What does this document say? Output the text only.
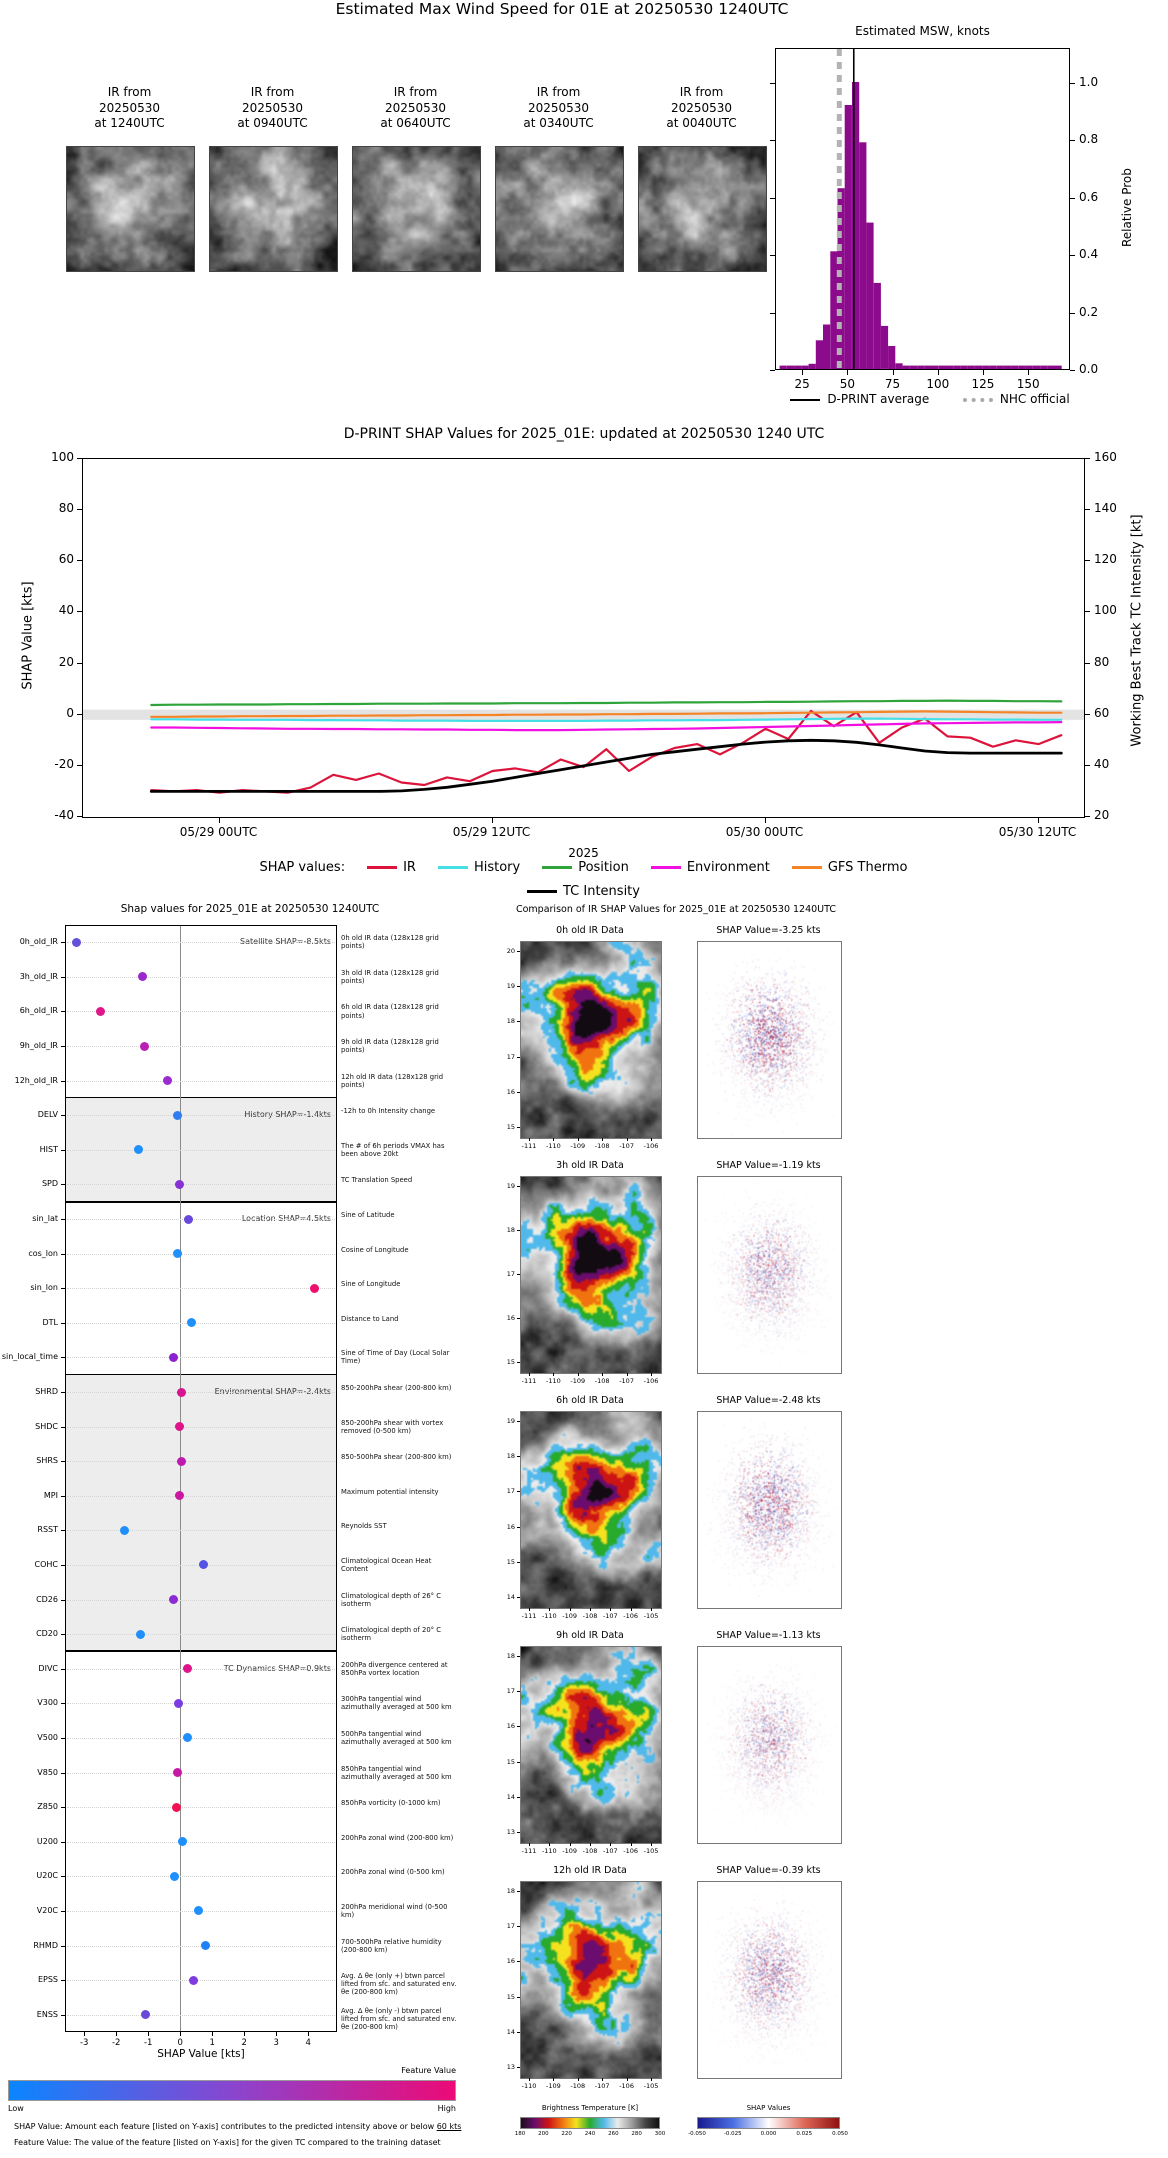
Estimated Max Wind Speed for 01E at 20250530 1240UTC
Estimated MSW, knots
25	50	75	100	125	150
0.0
0.2
0.4
0.6
0.8
1.0
Relative Prob
D-PRINT average	NHC official
D-PRINT SHAP Values for 2025_01E: updated at 20250530 1240 UTC
-40
-20
0
20
40
60
80
100
20
40
60
80
100
120
140
160
05/29 00UTC	05/29 12UTC	05/30 00UTC	05/30 12UTC
SHAP Value [kts]	Working Best Track TC Intensity [kt]
2025
SHAP values:	IR	History	Position	Environment	GFS Thermo
TC Intensity
Shap values for 2025_01E at 20250530 1240UTC
Satellite SHAP=-8.5kts
History SHAP=-1.4kts
Location SHAP=4.5kts
Environmental SHAP=-2.4kts
TC Dynamics SHAP=0.9kts
0h_old_IR	0h old IR data (128x128 grid points)
3h_old_IR	3h old IR data (128x128 grid points)
6h_old_IR	6h old IR data (128x128 grid points)
9h_old_IR	9h old IR data (128x128 grid points)
12h_old_IR	12h old IR data (128x128 grid points)
DELV	-12h to 0h Intensity change
HIST	The # of 6h periods VMAX has been above 20kt
SPD	TC Translation Speed
sin_lat	Sine of Latitude
cos_lon	Cosine of Longitude
sin_lon	Sine of Longitude
DTL	Distance to Land
sin_local_time	Sine of Time of Day (Local Solar Time)
SHRD	850-200hPa shear (200-800 km)
SHDC	850-200hPa shear with vortex removed (0-500 km)
SHRS	850-500hPa shear (200-800 km)
MPI	Maximum potential intensity
RSST	Reynolds SST
COHC	Climatological Ocean Heat Content
CD26	Climatological depth of 26° C isotherm
CD20	Climatological depth of 20° C isotherm
DIVC	200hPa divergence centered at 850hPa vortex location
V300	300hPa tangential wind azimuthally averaged at 500 km
V500	500hPa tangential wind azimuthally averaged at 500 km
V850	850hPa tangential wind azimuthally averaged at 500 km
Z850	850hPa vorticity (0-1000 km)
U200	200hPa zonal wind (200-800 km)
U20C	200hPa zonal wind (0-500 km)
V20C	200hPa meridional wind (0-500 km)
RHMD	700-500hPa relative humidity (200-800 km)
EPSS	Avg. Δ θe (only +) btwn parcel lifted from sfc. and saturated env. θe (200-800 km)
ENSS	Avg. Δ θe (only -) btwn parcel lifted from sfc. and saturated env. θe (200-800 km)
-3	-2	-1	0	1	2	3	4
SHAP Value [kts]
Feature Value
Low	High
SHAP Value: Amount each feature [listed on Y-axis] contributes to the predicted intensity above or below 60 kts
Feature Value: The value of the feature [listed on Y-axis] for the given TC compared to the training dataset
Comparison of IR SHAP Values for 2025_01E at 20250530 1240UTC
0h old IR Data	SHAP Value=-3.25 kts
20
19
18
17
16
15
-111	-110	-109	-108	-107	-106
3h old IR Data	SHAP Value=-1.19 kts
19
18
17
16
15
-111	-110	-109	-108	-107	-106
6h old IR Data	SHAP Value=-2.48 kts
19
18
17
16
15
14
-111 -110 -109 -108 -107 -106 -105
9h old IR Data	SHAP Value=-1.13 kts
18
17
16
15
14
13
-111 -110 -109 -108 -107 -106 -105
12h old IR Data	SHAP Value=-0.39 kts
18
17
16
15
14
13
-110	-109	-108	-107	-106	-105
Brightness Temperature [K]
180	200	220	240	260	280	300
SHAP Values
-0.050	-0.025	0.000	0.025	0.050
IR from
20250530
at 1240UTC
IR from
20250530
at 0940UTC
IR from
20250530
at 0640UTC
IR from
20250530
at 0340UTC
IR from
20250530
at 0040UTC
